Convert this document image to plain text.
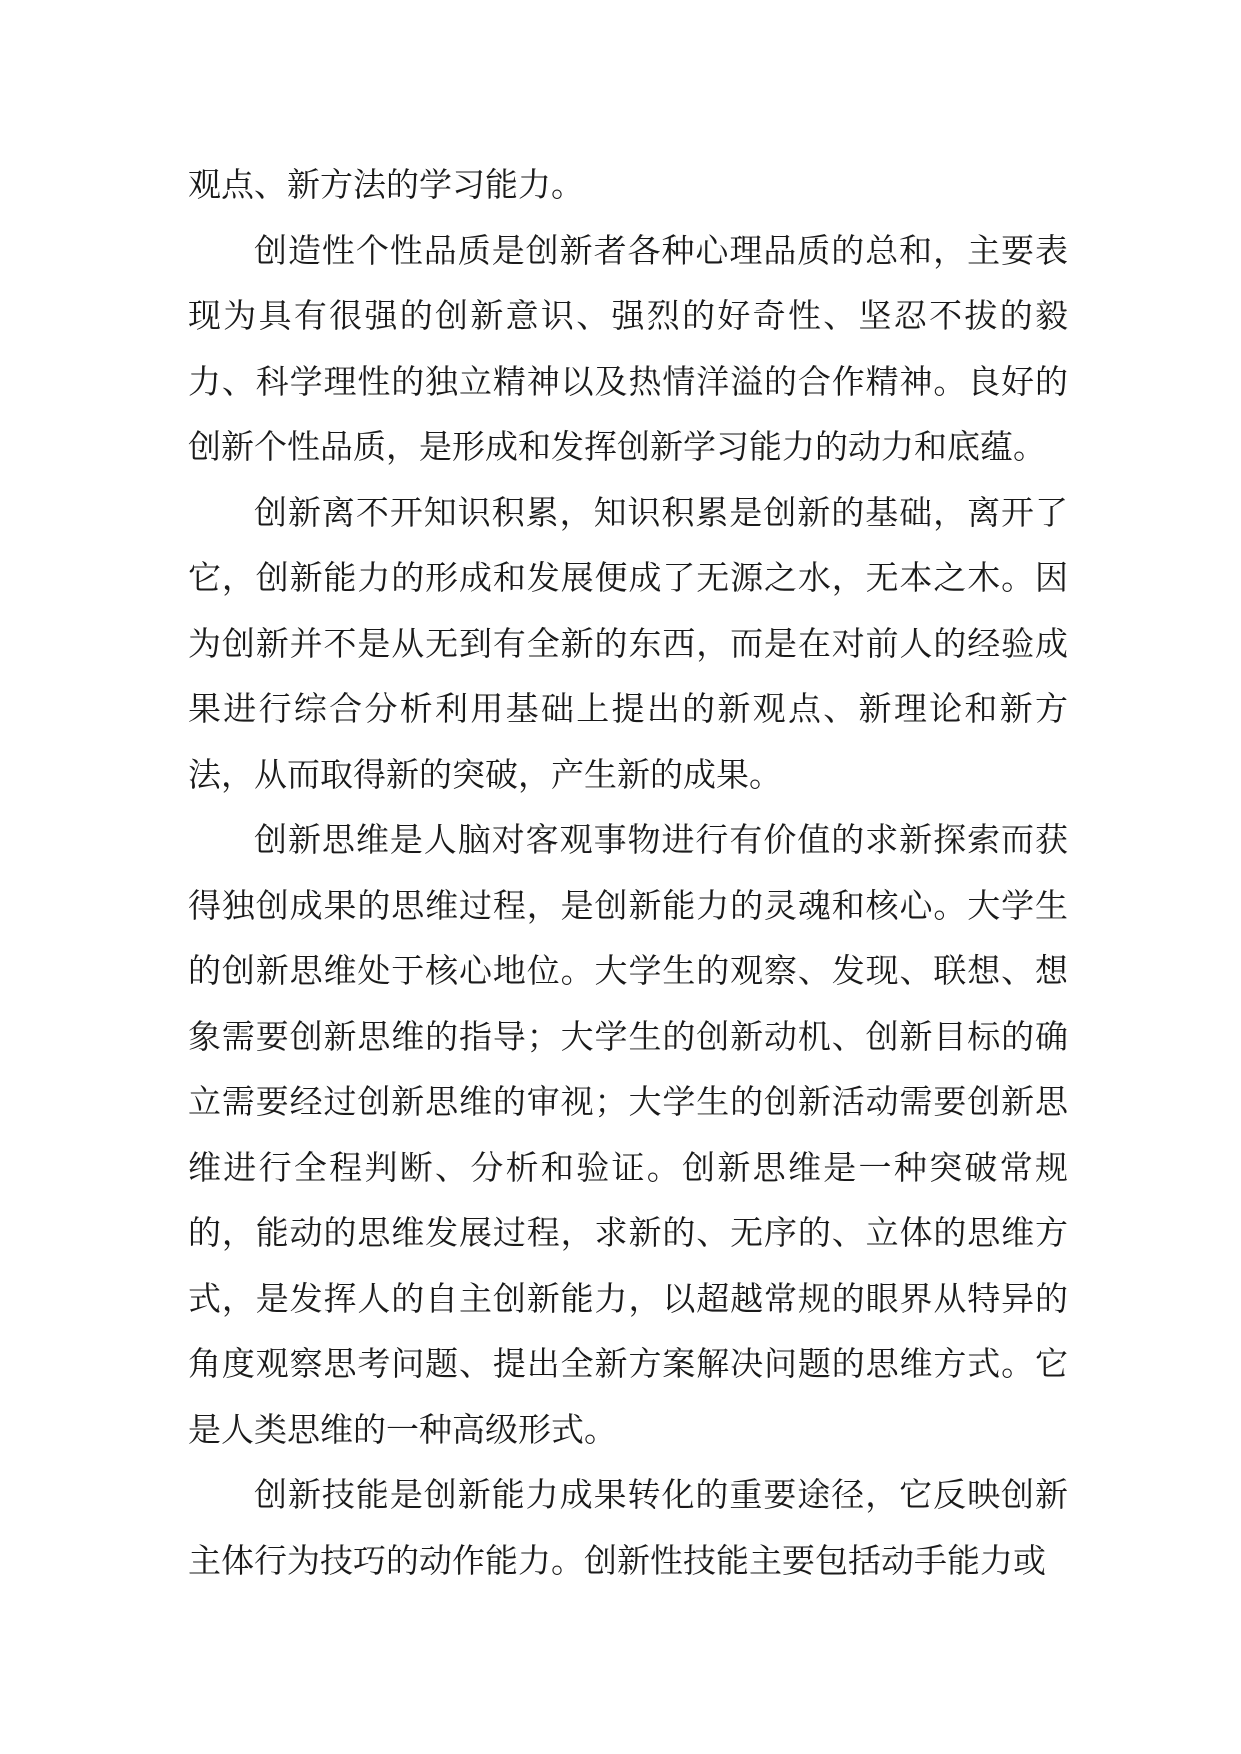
观点、新方法的学习能力。

创造性个性品质是创新者各种心理品质的总和，主要表现为具有很强的创新意识、强烈的好奇性、坚忍不拔的毅力、科学理性的独立精神以及热情洋溢的合作精神。良好的创新个性品质，是形成和发挥创新学习能力的动力和底蕴。

创新离不开知识积累，知识积累是创新的基础，离开了它，创新能力的形成和发展便成了无源之水，无本之木。因为创新并不是从无到有全新的东西，而是在对前人的经验成果进行综合分析利用基础上提出的新观点、新理论和新方法，从而取得新的突破，产生新的成果。

创新思维是人脑对客观事物进行有价值的求新探索而获得独创成果的思维过程，是创新能力的灵魂和核心。大学生的创新思维处于核心地位。大学生的观察、发现、联想、想象需要创新思维的指导；大学生的创新动机、创新目标的确立需要经过创新思维的审视；大学生的创新活动需要创新思维进行全程判断、分析和验证。创新思维是一种突破常规的，能动的思维发展过程，求新的、无序的、立体的思维方式，是发挥人的自主创新能力，以超越常规的眼界从特异的角度观察思考问题、提出全新方案解决问题的思维方式。它是人类思维的一种高级形式。

创新技能是创新能力成果转化的重要途径，它反映创新主体行为技巧的动作能力。创新性技能主要包括动手能力或
